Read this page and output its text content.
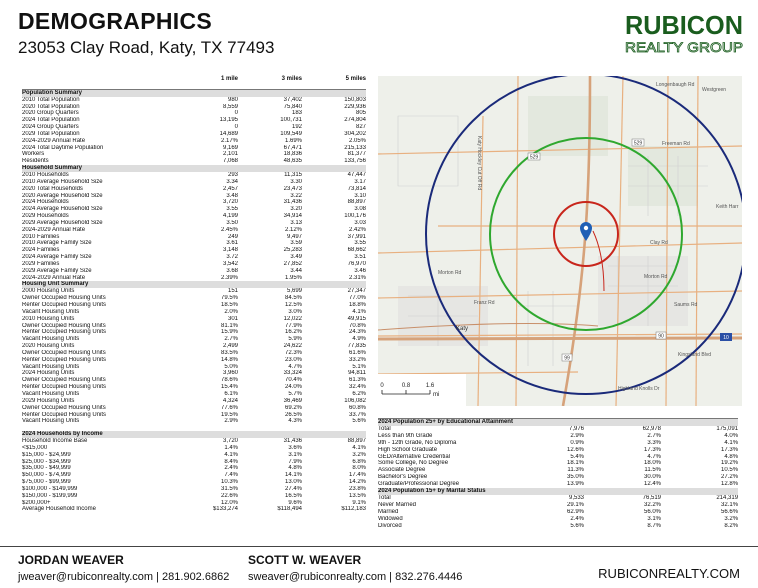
DEMOGRAPHICS
23053 Clay Road, Katy, TX 77493
RUBICON
REALTY GROUP
	1 mile	3 miles	5 miles

Population Summary			
2010 Total Population	980	37,402	150,803
2020 Total Population	8,559	75,840	229,936
2020 Group Quarters	0	183	805
2024 Total Population	13,195	100,731	274,804
2024 Group Quarters	0	192	827
2029 Total Population	14,689	109,549	304,202
2024-2029 Annual Rate	2.17%	1.69%	2.05%
2024 Total Daytime Population	9,169	67,471	215,133
Workers	2,101	18,836	81,377
Residents	7,068	48,635	133,756
Household Summary			
2010 Households	293	11,315	47,447
2010 Average Household Size	3.34	3.30	3.17
2020 Total Households	2,457	23,473	73,814
2020 Average Household Size	3.48	3.22	3.10
2024 Households	3,720	31,436	88,897
2024 Average Household Size	3.55	3.20	3.08
2029 Households	4,199	34,914	100,176
2029 Average Household Size	3.50	3.13	3.03
2024-2029 Annual Rate	2.45%	2.12%	2.42%
2010 Families	249	9,497	37,991
2010 Average Family Size	3.61	3.59	3.55
2024 Families	3,148	25,283	68,662
2024 Average Family Size	3.72	3.49	3.51
2029 Families	3,542	27,852	76,970
2029 Average Family Size	3.68	3.44	3.46
2024-2029 Annual Rate	2.39%	1.95%	2.31%
Housing Unit Summary			
2000 Housing Units	151	5,699	27,347
Owner Occupied Housing Units	79.5%	84.5%	77.0%
Renter Occupied Housing Units	18.5%	12.5%	18.8%
Vacant Housing Units	2.0%	3.0%	4.1%
2010 Housing Units	301	12,022	49,915
Owner Occupied Housing Units	81.1%	77.9%	70.8%
Renter Occupied Housing Units	15.9%	16.2%	24.3%
Vacant Housing Units	2.7%	5.9%	4.9%
2020 Housing Units	2,499	24,622	77,835
Owner Occupied Housing Units	83.5%	72.3%	61.6%
Renter Occupied Housing Units	14.8%	23.0%	33.2%
Vacant Housing Units	5.0%	4.7%	5.1%
2024 Housing Units	3,960	33,324	94,811
Owner Occupied Housing Units	78.6%	70.4%	61.3%
Renter Occupied Housing Units	15.4%	24.0%	32.4%
Vacant Housing Units	6.1%	5.7%	6.2%
2029 Housing Units	4,324	36,469	106,082
Owner Occupied Housing Units	77.6%	69.2%	60.8%
Renter Occupied Housing Units	19.5%	26.5%	33.7%
Vacant Housing Units	2.9%	4.3%	5.6%

2024 Households by Income			
Household Income Base	3,720	31,436	88,897
<$15,000	1.4%	3.6%	4.1%
$15,000 - $24,999	4.1%	3.1%	3.2%
$25,000 - $34,999	8.4%	7.9%	6.8%
$35,000 - $49,999	2.4%	4.8%	8.0%
$50,000 - $74,999	7.4%	14.1%	17.4%
$75,000 - $99,999	10.3%	13.0%	14.2%
$100,000 - $149,999	31.5%	27.4%	23.8%
$150,000 - $199,999	22.6%	16.5%	13.5%
$200,000+	12.0%	9.6%	9.1%
Average Household Income	$133,274	$118,494	$112,183
Longenbaugh Rd
Freeman Rd
Clay Rd
Morton Rd
Morton Rd
Katy
Franz Rd
Kingsland Blvd
Highland Knolls Dr
Keith Harr
Saums Rd
Westgreen
Katy Hockley Cut Off Rd	529
529
99
90	10
0	0.8	1.6
mi
2024 Population 25+ by Educational Attainment			
Total	7,976	62,978	175,091
Less than 9th Grade	2.9%	2.7%	4.0%
9th - 12th Grade, No Diploma	0.9%	3.3%	4.1%
High School Graduate	12.6%	17.3%	17.3%
GED/Alternative Credential	5.4%	4.7%	4.8%
Some College, No Degree	18.1%	18.0%	19.2%
Associate Degree	11.3%	11.5%	10.5%
Bachelor's Degree	35.0%	30.0%	27.2%
Graduate/Professional Degree	13.9%	12.4%	12.8%
2024 Population 15+ by Marital Status			
Total	9,533	76,519	214,319
Never Married	29.1%	32.2%	32.1%
Married	62.9%	56.0%	56.6%
Widowed	2.4%	3.1%	3.2%
Divorced	5.6%	8.7%	8.2%
JORDAN WEAVER
jweaver@rubiconrealty.com | 281.902.6862
SCOTT W. WEAVER
sweaver@rubiconrealty.com | 832.276.4446	RUBICONREALTY.COM
